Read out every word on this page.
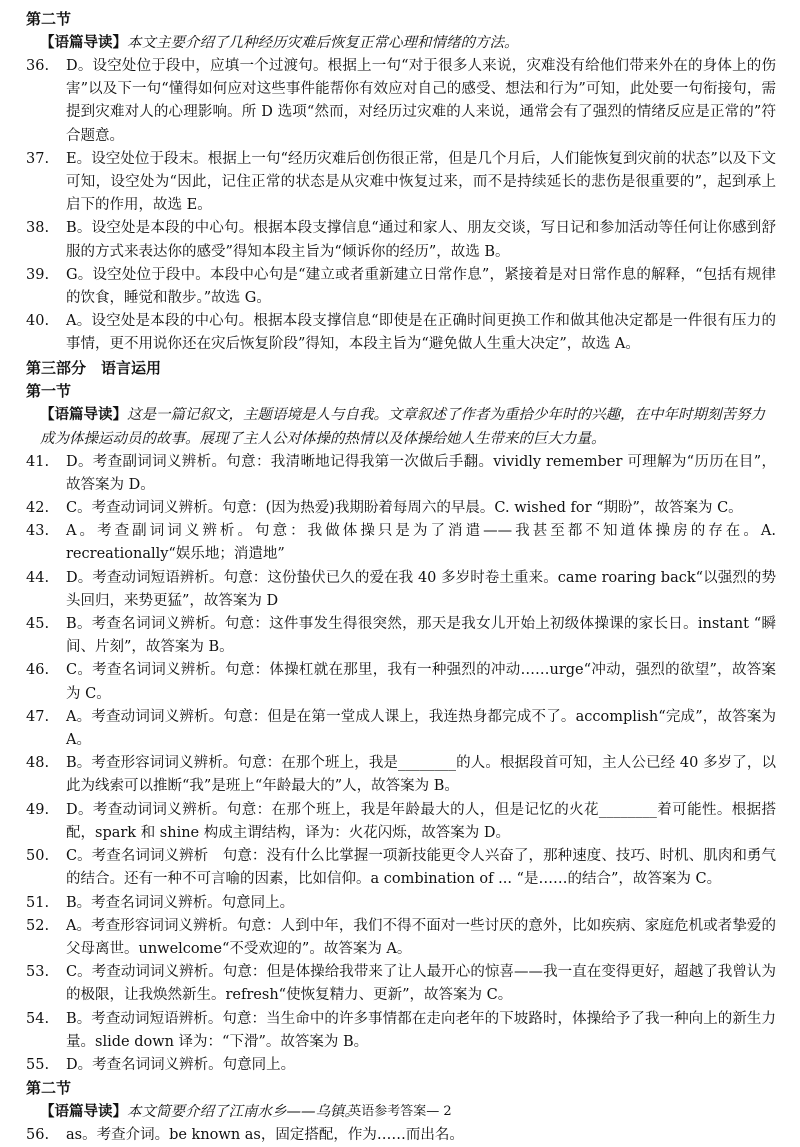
第二节
【语篇导读】本文主要介绍了几种经历灾难后恢复正常心理和情绪的方法。

36. D。设空处位于段中，应填一个过渡句。根据上一句“对于很多人来说，灾难没有给他们带来外在的身体上的伤害”以及下一句“懂得如何应对这些事件能帮你有效应对自己的感受、想法和行为”可知，此处要一句衔接句，需提到灾难对人的心理影响。所 D 选项“然而，对经历过灾难的人来说，通常会有了强烈的情绪反应是正常的”符合题意。

37. E。设空处位于段末。根据上一句“经历灾难后创伤很正常，但是几个月后，人们能恢复到灾前的状态”以及下文可知，设空处为“因此，记住正常的状态是从灾难中恢复过来，而不是持续延长的悲伤是很重要的”，起到承上启下的作用，故选 E。

38. B。设空处是本段的中心句。根据本段支撑信息“通过和家人、朋友交谈，写日记和参加活动等任何让你感到舒服的方式来表达你的感受”得知本段主旨为“倾诉你的经历”，故选 B。

39. G。设空处位于段中。本段中心句是“建立或者重新建立日常作息”，紧接着是对日常作息的解释，“包括有规律的饮食，睡觉和散步。”故选 G。

40. A。设空处是本段的中心句。根据本段支撑信息“即使是在正确时间更换工作和做其他决定都是一件很有压力的事情，更不用说你还在灾后恢复阶段”得知，本段主旨为“避免做人生重大决定”，故选 A。

第三部分　语言运用
第一节
【语篇导读】这是一篇记叙文，主题语境是人与自我。文章叙述了作者为重拾少年时的兴趣，在中年时期刻苦努力成为体操运动员的故事。展现了主人公对体操的热情以及体操给她人生带来的巨大力量。

41. D。考查副词词义辨析。句意：我清晰地记得我第一次做后手翻。vividly remember 可理解为“历历在目”，故答案为 D。

42. C。考查动词词义辨析。句意：(因为热爱)我期盼着每周六的早晨。C. wished for “期盼”，故答案为 C。

43. A。考查副词词义辨析。句意：我做体操只是为了消遣——我甚至都不知道体操房的存在。A. recreationally“娱乐地；消遣地”

44. D。考查动词短语辨析。句意：这份蛰伏已久的爱在我 40 多岁时卷土重来。came roaring back“以强烈的势头回归，来势更猛”，故答案为 D

45. B。考查名词词义辨析。句意：这件事发生得很突然，那天是我女儿开始上初级体操课的家长日。instant “瞬间、片刻”，故答案为 B。

46. C。考查名词词义辨析。句意：体操杠就在那里，我有一种强烈的冲动……urge“冲动，强烈的欲望”，故答案为 C。

47. A。考查动词词义辨析。句意：但是在第一堂成人课上，我连热身都完成不了。accomplish“完成”，故答案为 A。

48. B。考查形容词词义辨析。句意：在那个班上，我是________的人。根据段首可知，主人公已经 40 多岁了，以此为线索可以推断“我”是班上“年龄最大的”人，故答案为 B。

49. D。考查动词词义辨析。句意：在那个班上，我是年龄最大的人，但是记忆的火花________着可能性。根据搭配，spark 和 shine 构成主谓结构，译为：火花闪烁，故答案为 D。

50. C。考查名词词义辨析　句意：没有什么比掌握一项新技能更令人兴奋了，那种速度、技巧、时机、肌肉和勇气的结合。还有一种不可言喻的因素，比如信仰。a combination of ... “是……的结合”，故答案为 C。

51. B。考查名词词义辨析。句意同上。

52. A。考查形容词词义辨析。句意：人到中年，我们不得不面对一些讨厌的意外，比如疾病、家庭危机或者挚爱的父母离世。unwelcome“不受欢迎的”。故答案为 A。

53. C。考查动词词义辨析。句意：但是体操给我带来了让人最开心的惊喜——我一直在变得更好，超越了我曾认为的极限，让我焕然新生。refresh“使恢复精力、更新”，故答案为 C。

54. B。考查动词短语辨析。句意：当生命中的许多事情都在走向老年的下坡路时，体操给予了我一种向上的新生力量。slide down 译为：“下滑”。故答案为 B。

55. D。考查名词词义辨析。句意同上。

第二节
【语篇导读】本文简要介绍了江南水乡——乌镇。

56. as。考查介词。be known as，固定搭配，作为……而出名。

英语参考答案— 2
